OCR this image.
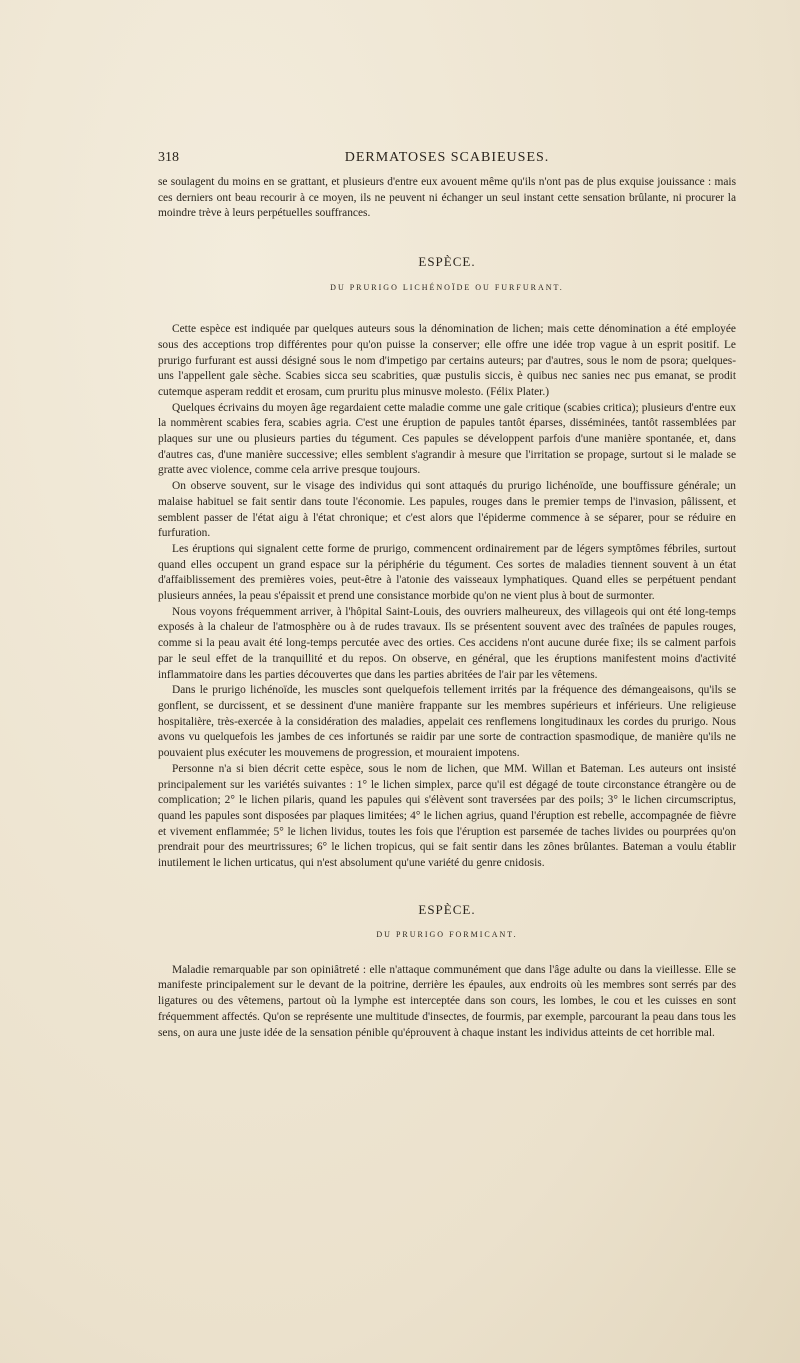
318	DERMATOSES SCABIEUSES.

se soulagent du moins en se grattant, et plusieurs d'entre eux avouent même qu'ils n'ont pas de plus exquise jouissance : mais ces derniers ont beau recourir à ce moyen, ils ne peuvent ni échanger un seul instant cette sensation brûlante, ni procurer la moindre trève à leurs perpétuelles souffrances.

ESPÈCE.
DU PRURIGO LICHÉNOÏDE OU FURFURANT.

Cette espèce est indiquée par quelques auteurs sous la dénomination de lichen; mais cette dénomination a été employée sous des acceptions trop différentes pour qu'on puisse la conserver; elle offre une idée trop vague à un esprit positif. Le prurigo furfurant est aussi désigné sous le nom d'impetigo par certains auteurs; par d'autres, sous le nom de psora; quelques-uns l'appellent gale sèche. Scabies sicca seu scabrities, quæ pustulis siccis, è quibus nec sanies nec pus emanat, se prodit cutemque asperam reddit et erosam, cum pruritu plus minusve molesto. (Félix Plater.)

Quelques écrivains du moyen âge regardaient cette maladie comme une gale critique (scabies critica); plusieurs d'entre eux la nommèrent scabies fera, scabies agria. C'est une éruption de papules tantôt éparses, disséminées, tantôt rassemblées par plaques sur une ou plusieurs parties du tégument. Ces papules se développent parfois d'une manière spontanée, et, dans d'autres cas, d'une manière successive; elles semblent s'agrandir à mesure que l'irritation se propage, surtout si le malade se gratte avec violence, comme cela arrive presque toujours.

On observe souvent, sur le visage des individus qui sont attaqués du prurigo lichénoïde, une bouffissure générale; un malaise habituel se fait sentir dans toute l'économie. Les papules, rouges dans le premier temps de l'invasion, pâlissent, et semblent passer de l'état aigu à l'état chronique; et c'est alors que l'épiderme commence à se séparer, pour se réduire en furfuration.

Les éruptions qui signalent cette forme de prurigo, commencent ordinairement par de légers symptômes fébriles, surtout quand elles occupent un grand espace sur la périphérie du tégument. Ces sortes de maladies tiennent souvent à un état d'affaiblissement des premières voies, peut-être à l'atonie des vaisseaux lymphatiques. Quand elles se perpétuent pendant plusieurs années, la peau s'épaissit et prend une consistance morbide qu'on ne vient plus à bout de surmonter.

Nous voyons fréquemment arriver, à l'hôpital Saint-Louis, des ouvriers malheureux, des villageois qui ont été long-temps exposés à la chaleur de l'atmosphère ou à de rudes travaux. Ils se présentent souvent avec des traînées de papules rouges, comme si la peau avait été long-temps percutée avec des orties. Ces accidens n'ont aucune durée fixe; ils se calment parfois par le seul effet de la tranquillité et du repos. On observe, en général, que les éruptions manifestent moins d'activité inflammatoire dans les parties découvertes que dans les parties abritées de l'air par les vêtemens.

Dans le prurigo lichénoïde, les muscles sont quelquefois tellement irrités par la fréquence des démangeaisons, qu'ils se gonflent, se durcissent, et se dessinent d'une manière frappante sur les membres supérieurs et inférieurs. Une religieuse hospitalière, très-exercée à la considération des maladies, appelait ces renflemens longitudinaux les cordes du prurigo. Nous avons vu quelquefois les jambes de ces infortunés se raidir par une sorte de contraction spasmodique, de manière qu'ils ne pouvaient plus exécuter les mouvemens de progression, et mouraient impotens.

Personne n'a si bien décrit cette espèce, sous le nom de lichen, que MM. Willan et Bateman. Les auteurs ont insisté principalement sur les variétés suivantes : 1° le lichen simplex, parce qu'il est dégagé de toute circonstance étrangère ou de complication; 2° le lichen pilaris, quand les papules qui s'élèvent sont traversées par des poils; 3° le lichen circumscriptus, quand les papules sont disposées par plaques limitées; 4° le lichen agrius, quand l'éruption est rebelle, accompagnée de fièvre et vivement enflammée; 5° le lichen lividus, toutes les fois que l'éruption est parsemée de taches livides ou pourprées qu'on prendrait pour des meurtrissures; 6° le lichen tropicus, qui se fait sentir dans les zônes brûlantes. Bateman a voulu établir inutilement le lichen urticatus, qui n'est absolument qu'une variété du genre cnidosis.

ESPÈCE.
DU PRURIGO FORMICANT.

Maladie remarquable par son opiniâtreté : elle n'attaque communément que dans l'âge adulte ou dans la vieillesse. Elle se manifeste principalement sur le devant de la poitrine, derrière les épaules, aux endroits où les membres sont serrés par des ligatures ou des vêtemens, partout où la lymphe est interceptée dans son cours, les lombes, le cou et les cuisses en sont fréquemment affectés. Qu'on se représente une multitude d'insectes, de fourmis, par exemple, parcourant la peau dans tous les sens, on aura une juste idée de la sensation pénible qu'éprouvent à chaque instant les individus atteints de cet horrible mal.
